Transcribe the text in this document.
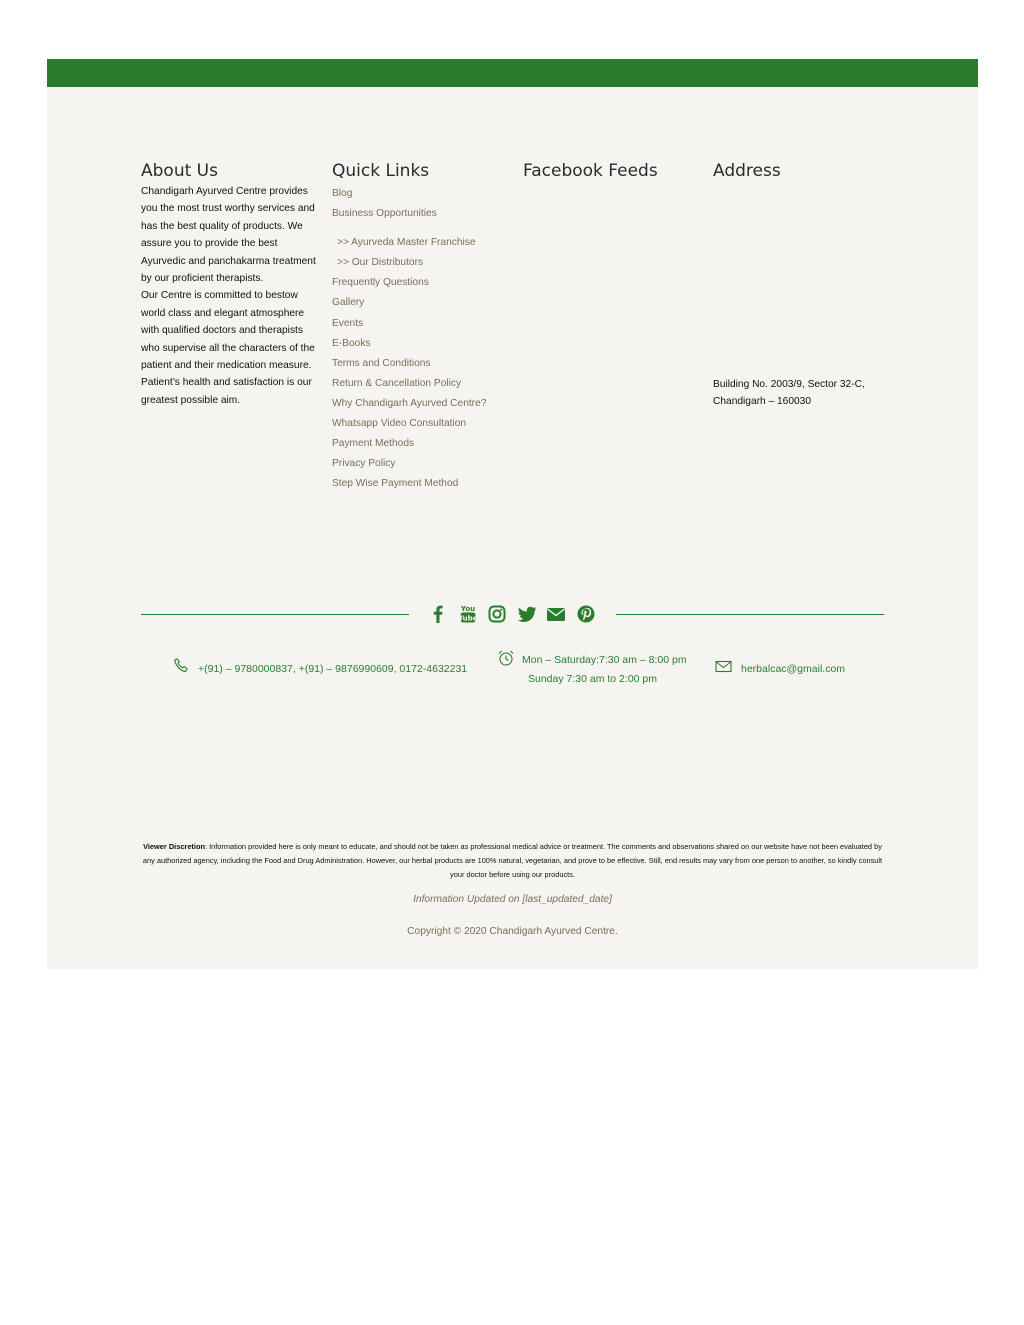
About Us

Chandigarh Ayurved Centre provides you the most trust worthy services and has the best quality of products. We assure you to provide the best Ayurvedic and panchakarma treatment by our proficient therapists.

Our Centre is committed to bestow world class and elegant atmosphere with qualified doctors and therapists who supervise all the characters of the patient and their medication measure. Patient’s health and satisfaction is our greatest possible aim.

Quick Links
Blog
Business Opportunities
>> Ayurveda Master Franchise
>> Our Distributors
Frequently Questions
Gallery
Events
E-Books
Terms and Conditions
Return & Cancellation Policy
Why Chandigarh Ayurved Centre?
Whatsapp Video Consultation
Payment Methods
Privacy Policy
Step Wise Payment Method
Facebook Feeds	Address
Building No. 2003/9, Sector 32-C,
Chandigarh – 160030
You
Tube
+(91) – 9780000837, +(91) – 9876990609, 0172-4632231
Mon – Saturday:7:30 am – 8:00 pm
Sunday 7:30 am to 2:00 pm
herbalcac@gmail.com
Viewer Discretion: Information provided here is only meant to educate, and should not be taken as professional medical advice or treatment. The comments and observations shared on our website have not been evaluated by any authorized agency, including the Food and Drug Administration. However, our herbal products are 100% natural, vegetarian, and prove to be effective. Still, end results may vary from one person to another, so kindly consult your doctor before using our products.
Information Updated on [last_updated_date]
Copyright © 2020 Chandigarh Ayurved Centre.
